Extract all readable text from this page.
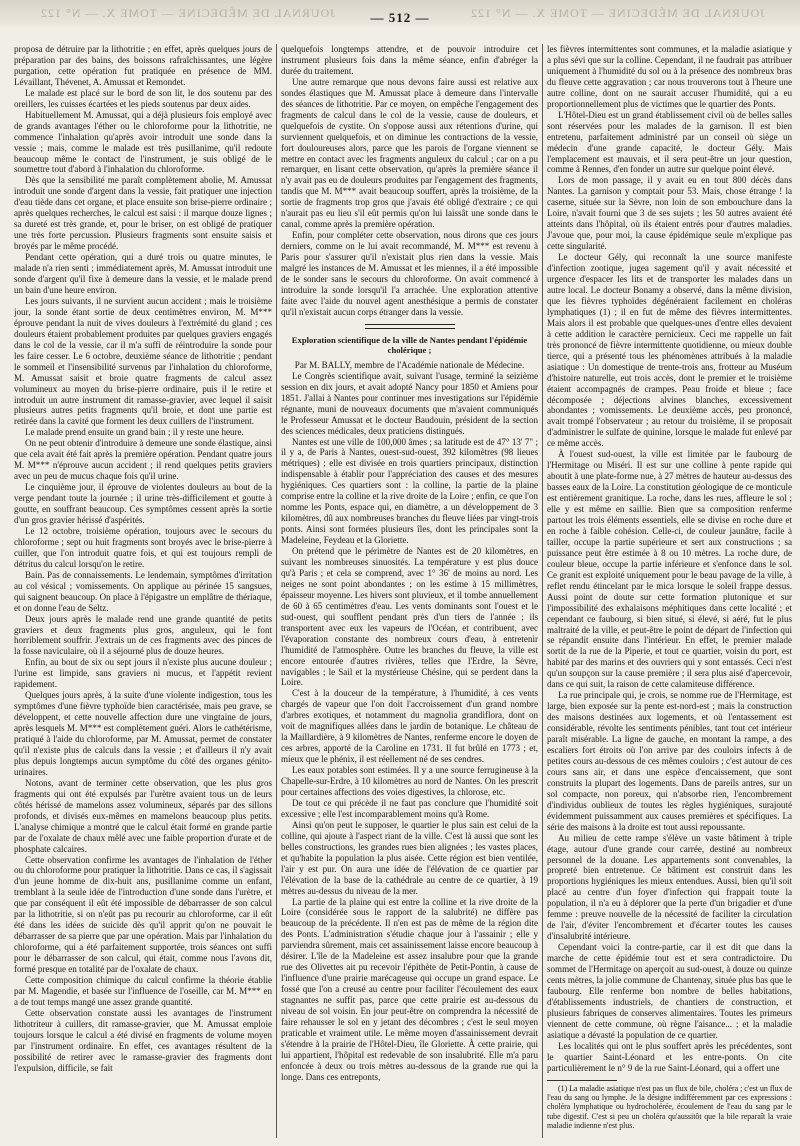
JOURNAL DE MÉDECINE — TOME X. — N° 122	JOURNAL DE MÉDECINE — TOME X. — N° 122
— 512 —

proposa de détruire par la lithotritie ; en effet, après quelques jours de préparation par des bains, des boissons rafraîchissantes, une légère purgation, cette opération fut pratiquée en présence de MM. Lévaillant, Thévenet, A. Amussat et Remondet.

Le malade est placé sur le bord de son lit, le dos soutenu par des oreillers, les cuisses écartées et les pieds soutenus par deux aides.

Habituellement M. Amussat, qui a déjà plusieurs fois employé avec de grands avantages l'éther ou le chloroforme pour la lithotritie, ne commence l'inhalation qu'après avoir introduit une sonde dans la vessie ; mais, comme le malade est très pusillanime, qu'il redoute beaucoup même le contact de l'instrument, je suis obligé de le soumettre tout d'abord à l'inhalation du chloroforme.

Dès que la sensibilité me paraît complètement abolie, M. Amussat introduit une sonde d'argent dans la vessie, fait pratiquer une injection d'eau tiède dans cet organe, et place ensuite son brise-pierre ordinaire ; après quelques recherches, le calcul est saisi : il marque douze lignes ; sa dureté est très grande, et, pour le briser, on est obligé de pratiquer une très forte percussion. Plusieurs fragments sont ensuite saisis et broyés par le même procédé.

Pendant cette opération, qui a duré trois ou quatre minutes, le malade n'a rien senti ; immédiatement après, M. Amussat introduit une sonde d'argent qu'il fixe à demeure dans la vessie, et le malade prend un bain d'une heure environ.

Les jours suivants, il ne survient aucun accident ; mais le troisième jour, la sonde étant sortie de deux centimètres environ, M. M*** éprouve pendant la nuit de vives douleurs à l'extrémité du gland ; ces douleurs étaient probablement produites par quelques graviers engagés dans le col de la vessie, car il m'a suffi de réintroduire la sonde pour les faire cesser. Le 6 octobre, deuxième séance de lithotritie ; pendant le sommeil et l'insensibilité survenus par l'inhalation du chloroforme, M. Amussat saisit et broie quatre fragments de calcul assez volumineux au moyen du brise-pierre ordinaire, puis il le retire et introduit un autre instrument dit ramasse-gravier, avec lequel il saisit plusieurs autres petits fragments qu'il broie, et dont une partie est retirée dans la cavité que forment les deux cuillers de l'instrument.

Le malade prend ensuite un grand bain ; il y reste une heure.

On ne peut obtenir d'introduire à demeure une sonde élastique, ainsi que cela avait été fait après la première opération. Pendant quatre jours M. M*** n'éprouve aucun accident ; il rend quelques petits graviers avec un peu de mucus chaque fois qu'il urine.

Le cinquième jour, il éprouve de violentes douleurs au bout de la verge pendant toute la journée ; il urine très-difficilement et goutte à goutte, en souffrant beaucoup. Ces symptômes cessent après la sortie d'un gros gravier hérissé d'aspérités.

Le 12 octobre, troisième opération, toujours avec le secours du chloroforme ; sept ou huit fragments sont broyés avec le brise-pierre à cuiller, que l'on introduit quatre fois, et qui est toujours rempli de détritus du calcul lorsqu'on le retire.

Bain. Pas de connaissements. Le lendemain, symptômes d'irritation au col vésical ; vomissements. On applique au périnée 15 sangsues, qui saignent beaucoup. On place à l'épigastre un emplâtre de thériaque, et on donne l'eau de Seltz.

Deux jours après le malade rend une grande quantité de petits graviers et deux fragments plus gros, anguleux, qui le font horriblement souffrir. J'extrais un de ces fragments avec des pinces de la fosse naviculaire, où il a séjourné plus de douze heures.

Enfin, au bout de six ou sept jours il n'existe plus aucune douleur ; l'urine est limpide, sans graviers ni mucus, et l'appétit revient rapidement.

Quelques jours après, à la suite d'une violente indigestion, tous les symptômes d'une fièvre typhoïde bien caractérisée, mais peu grave, se développent, et cette nouvelle affection dure une vingtaine de jours, après lesquels M. M*** est complètement guéri. Alors le cathétérisme, pratiqué à l'aide du chloroforme, par M. Amussat, permet de constater qu'il n'existe plus de calculs dans la vessie ; et d'ailleurs il n'y avait plus depuis longtemps aucun symptôme du côté des organes génito-urinaires.

Notons, avant de terminer cette observation, que les plus gros fragments qui ont été expulsés par l'urètre avaient tous un de leurs côtés hérissé de mamelons assez volumineux, séparés par des sillons profonds, et divisés eux-mêmes en mamelons beaucoup plus petits. L'analyse chimique a montré que le calcul était formé en grande partie par de l'oxalate de chaux mêlé avec une faible proportion d'urate et de phosphate calcaires.

Cette observation confirme les avantages de l'inhalation de l'éther ou du chloroforme pour pratiquer la lithotritie. Dans ce cas, il s'agissait d'un jeune homme de dix-huit ans, pusillanime comme un enfant, tremblant à la seule idée de l'introduction d'une sonde dans l'urètre, et que par conséquent il eût été impossible de débarrasser de son calcul par la lithotritie, si on n'eût pas pu recourir au chloroforme, car il eût été dans les idées de suicide dès qu'il apprit qu'on ne pouvait le débarrasser de sa pierre que par une opération. Mais par l'inhalation du chloroforme, qui a été parfaitement supportée, trois séances ont suffi pour le débarrasser de son calcul, qui était, comme nous l'avons dit, formé presque en totalité par de l'oxalate de chaux.

Cette composition chimique du calcul confirme la théorie établie par M. Magendie, et basée sur l'influence de l'oseille, car M. M*** en a de tout temps mangé une assez grande quantité.

Cette observation constate aussi les avantages de l'instrument lithotriteur à cuillers, dit ramasse-gravier, que M. Amussat emploie toujours lorsque le calcul a été divisé en fragments de volume moyen par l'instrument ordinaire. En effet, ces avantages résultent de la possibilité de retirer avec le ramasse-gravier des fragments dont l'expulsion, difficile, se fait

quelquefois longtemps attendre, et de pouvoir introduire cet instrument plusieurs fois dans la même séance, enfin d'abréger la durée du traitement.

Une autre remarque que nous devons faire aussi est relative aux sondes élastiques que M. Amussat place à demeure dans l'intervalle des séances de lithotritie. Par ce moyen, on empêche l'engagement des fragments de calcul dans le col de la vessie, cause de douleurs, et quelquefois de cystite. On s'oppose aussi aux rétentions d'urine, qui surviennent quelquefois, et on diminue les contractions de la vessie, fort douloureuses alors, parce que les parois de l'organe viennent se mettre en contact avec les fragments anguleux du calcul ; car on a pu remarquer, en lisant cette observation, qu'après la première séance il n'y avait pas eu de douleurs produites par l'engagement des fragments, tandis que M. M*** avait beaucoup souffert, après la troisième, de la sortie de fragments trop gros que j'avais été obligé d'extraire ; ce qui n'aurait pas eu lieu s'il eût permis qu'on lui laissât une sonde dans le canal, comme après la première opération.

Enfin, pour compléter cette observation, nous dirons que ces jours derniers, comme on le lui avait recommandé, M. M*** est revenu à Paris pour s'assurer qu'il n'existait plus rien dans la vessie. Mais malgré les instances de M. Amussat et les miennes, il a été impossible de le sonder sans le secours du chloroforme. On avait commencé à introduire la sonde lorsqu'il l'a arrachée. Une exploration attentive faite avec l'aide du nouvel agent anesthésique a permis de constater qu'il n'existait aucun corps étranger dans la vessie.

Exploration scientifique de la ville de Nantes pendant l'épidémie cholérique ;

Par M. BALLY, membre de l'Académie nationale de Médecine.

Le Congrès scientifique avait, suivant l'usage, terminé la seizième session en dix jours, et avait adopté Nancy pour 1850 et Amiens pour 1851. J'allai à Nantes pour continuer mes investigations sur l'épidémie régnante, muni de nouveaux documents que m'avaient communiqués le Professeur Amussat et le docteur Baudouin, président de la section des sciences médicales, deux praticiens distingués.

Nantes est une ville de 100,000 âmes ; sa latitude est de 47° 13' 7" ; il y a, de Paris à Nantes, ouest-sud-ouest, 392 kilomètres (98 lieues métriques) ; elle est divisée en trois quartiers principaux, distinction indispensable à établir pour l'appréciation des causes et des mesures hygiéniques. Ces quartiers sont : la colline, la partie de la plaine comprise entre la colline et la rive droite de la Loire ; enfin, ce que l'on nomme les Ponts, espace qui, en diamètre, a un développement de 3 kilomètres, dû aux nombreuses branches du fleuve liées par vingt-trois ponts. Ainsi sont formées plusieurs îles, dont les principales sont la Madeleine, Feydeau et la Gloriette.

On prétend que le périmètre de Nantes est de 20 kilomètres, en suivant les nombreuses sinuosités. La température y est plus douce qu'à Paris ; et cela se comprend, avec 1° 36' de moins au nord. Les neiges ne sont point abondantes ; on les estime à 15 millimètres, épaisseur moyenne. Les hivers sont pluvieux, et il tombe annuellement de 60 à 65 centimètres d'eau. Les vents dominants sont l'ouest et le sud-ouest, qui soufflent pendant près d'un tiers de l'année ; ils transportent avec eux les vapeurs de l'Océan, et contribuent, avec l'évaporation constante des nombreux cours d'eau, à entretenir l'humidité de l'atmosphère. Outre les branches du fleuve, la ville est encore entourée d'autres rivières, telles que l'Erdre, la Sèvre, navigables ; le Sail et la mystérieuse Chésine, qui se perdent dans la Loire.

C'est à la douceur de la température, à l'humidité, à ces vents chargés de vapeur que l'on doit l'accroissement d'un grand nombre d'arbres exotiques, et notamment du magnolia grandiflora, dont on voit de magnifiques allées dans le jardin de botanique. Le château de la Maillardière, à 9 kilomètres de Nantes, renferme encore le doyen de ces arbres, apporté de la Caroline en 1731. Il fut brûlé en 1773 ; et, mieux que le phénix, il est réellement né de ses cendres.

Les eaux potables sont estimées. Il y a une source ferrugineuse à la Chapelle-sur-Erdre, à 10 kilomètres au nord de Nantes. On les prescrit pour certaines affections des voies digestives, la chlorose, etc.

De tout ce qui précède il ne faut pas conclure que l'humidité soit excessive ; elle l'est incomparablement moins qu'à Rome.

Ainsi qu'on peut le supposer, le quartier le plus sain est celui de la colline, qui ajoute à l'aspect riant de la ville. C'est là aussi que sont les belles constructions, les grandes rues bien alignées ; les vastes places, et qu'habite la population la plus aisée. Cette région est bien ventilée, l'air y est pur. On aura une idée de l'élévation de ce quartier par l'élévation de la base de la cathédrale au centre de ce quartier, à 19 mètres au-dessus du niveau de la mer.

La partie de la plaine qui est entre la colline et la rive droite de la Loire (considérée sous le rapport de la salubrité) ne diffère pas beaucoup de la précédente. Il n'en est pas de même de la région dite des Ponts. L'administration s'étudie chaque jour à l'assainir ; elle y parviendra sûrement, mais cet assainissement laisse encore beaucoup à désirer. L'île de la Madeleine est assez insalubre pour que la grande rue des Olivettes ait pu recevoir l'épithète de Petit-Pontin, à cause de l'influence d'une prairie marécageuse qui occupe un grand espace. Le fossé que l'on a creusé au centre pour faciliter l'écoulement des eaux stagnantes ne suffit pas, parce que cette prairie est au-dessous du niveau de sol voisin. En jour peut-être on comprendra la nécessité de faire rehausser le sol en y jetant des décombres ; c'est le seul moyen praticable et vraiment utile. Le même moyen d'assainissement devrait s'étendre à la prairie de l'Hôtel-Dieu, île Gloriette. À cette prairie, qui lui appartient, l'hôpital est redevable de son insalubrité. Elle m'a paru enfoncée à deux ou trois mètres au-dessous de la grande rue qui la longe. Dans ces entreponts,

les fièvres intermittentes sont communes, et la maladie asiatique y a plus sévi que sur la colline. Cependant, il ne faudrait pas attribuer uniquement à l'humidité du sol ou à la présence des nombreux bras du fleuve cette aggravation ; car nous trouverons tout à l'heure une autre colline, dont on ne saurait accuser l'humidité, qui a eu proportionnellement plus de victimes que le quartier des Ponts.

L'Hôtel-Dieu est un grand établissement civil où de belles salles sont réservées pour les malades de la garnison. Il est bien entretenu, parfaitement administré par un conseil où siège un médecin d'une grande capacité, le docteur Gély. Mais l'emplacement est mauvais, et il sera peut-être un jour question, comme à Rennes, d'en fonder un autre sur quelque point élevé.

Lors de mon passage, il y avait eu en tout 800 décès dans Nantes. La garnison y comptait pour 53. Mais, chose étrange ! la caserne, située sur la Sèvre, non loin de son embouchure dans la Loire, n'avait fourni que 3 de ses sujets ; les 50 autres avaient été atteints dans l'hôpital, où ils étaient entrés pour d'autres maladies. J'avoue que, pour moi, la cause épidémique seule m'explique pas cette singularité.

Le docteur Gély, qui reconnaît la une source manifeste d'infection zootique, jugea sagement qu'il y avait nécessité et urgence d'espacer les lits et de transporter les malades dans un autre local. Le docteur Bonamy a observé, dans la même division, que les fièvres typhoïdes dégénéraient facilement en choléras lymphatiques (1) ; il en fut de même des fièvres intermittentes. Mais alors il est probable que quelques-unes d'entre elles devaient à cette addition le caractère pernicieux. Ceci me rappelle un fait très prononcé de fièvre intermittente quotidienne, ou mieux double tierce, qui a présenté tous les phénomènes attribués à la maladie asiatique : Un domestique de trente-trois ans, frotteur au Muséum d'histoire naturelle, eut trois accès, dont le premier et le troisième étaient accompagnés de crampes. Peau froide et bleue ; face décomposée ; déjections alvines blanches, excessivement abondantes ; vomissements. Le deuxième accès, peu prononcé, avait trompé l'observateur ; au retour du troisième, il se proposait d'administrer le sulfate de quinine, lorsque le malade fut enlevé par ce même accès.

À l'ouest sud-ouest, la ville est limitée par le faubourg de l'Hermitage ou Miséri. Il est sur une colline à pente rapide qui aboutit à une plate-forme nue, à 27 mètres de hauteur au-dessus des basses eaux de la Loire. La constitution géologique de ce monticule est entièrement granitique. La roche, dans les rues, affleure le sol ; elle y est même en saillie. Bien que sa composition renferme partout les trois éléments essentiels, elle se divise en roche dure et en roche à faible cohésion. Celle-ci, de couleur jaunâtre, facile à tailler, occupe la partie supérieure et sert aux constructions ; sa puissance peut être estimée à 8 ou 10 mètres. La roche dure, de couleur bleue, occupe la partie inférieure et s'enfonce dans le sol. Ce granit est exploité uniquement pour le beau pavage de la ville, à reflet rendu étincelant par le mica lorsque le soleil frappe dessus. Aussi point de doute sur cette formation plutonique et sur l'impossibilité des exhalaisons méphitiques dans cette localité ; et cependant ce faubourg, si bien situé, si élevé, si aéré, fut le plus maltraité de la ville, et peut-être le point de départ de l'infection qui se répandit ensuite dans l'intérieur. En effet, le premier malade sortit de la rue de la Piperie, et tout ce quartier, voisin du port, est habité par des marins et des ouvriers qui y sont entassés. Ceci n'est qu'un soupçon sur la cause première ; il sera plus aisé d'apercevoir, dans ce qui suit, la raison de cette calamiteuse différence.

La rue principale qui, je crois, se nomme rue de l'Hermitage, est large, bien exposée sur la pente est-nord-est ; mais la construction des maisons destinées aux logements, et où l'entassement est considérable, révolte les sentiments pénibles, tant tout cet intérieur paraît misérable. La ligne de gauche, en montant la rampe, a des escaliers fort étroits où l'on arrive par des couloirs infects à de petites cours au-dessous de ces mêmes couloirs ; c'est autour de ces cours sans air, et dans une espèce d'encaissement, que sont construits la plupart des logements. Dans de pareils antres, sur un sol compacte, non poreux, qui n'absorbe rien, l'encombrement d'individus oublieux de toutes les règles hygiéniques, surajouté évidemment puissamment aux causes premières et spécifiques. La série des maisons à la droite est tout aussi repoussante.

Au milieu de cette rampe s'élève un vaste bâtiment à triple étage, autour d'une grande cour carrée, destiné au nombreux personnel de la douane. Les appartements sont convenables, la propreté bien entretenue. Ce bâtiment est construit dans les proportions hygiéniques les mieux entendues. Aussi, bien qu'il soit placé au centre d'un foyer d'infection qui frappait toute la population, il n'a eu à déplorer que la perte d'un brigadier et d'une femme : preuve nouvelle de la nécessité de faciliter la circulation de l'air, d'éviter l'encombrement et d'écarter toutes les causes d'insalubrité intérieure.

Cependant voici la contre-partie, car il est dit que dans la marche de cette épidémie tout est et sera contradictoire. Du sommet de l'Hermitage on aperçoit au sud-ouest, à douze ou quinze cents mètres, la jolie commune de Chantenay, située plus bas que le faubourg. Elle renferme bon nombre de belles habitations, d'établissements industriels, de chantiers de construction, et plusieurs fabriques de conserves alimentaires. Toutes les primeurs viennent de cette commune, où règne l'aisance... ; et la maladie asiatique a dévasté la population de ce quartier.

Les localités qui ont le plus souffert après les précédentes, sont le quartier Saint-Léonard et les entre-ponts. On cite particulièrement le n° 9 de la rue Saint-Léonard, qui a offert une

(1) La maladie asiatique n'est pas un flux de bile, choléra ; c'est un flux de l'eau du sang ou lymphe. Je la désigne indifféremment par ces expressions : choléra lymphatique ou hydrocholérée, écoulement de l'eau du sang par le tube digestif. C'est si peu un choléra qu'aussitôt que la bile reparaît la vraie maladie indienne n'est plus.
